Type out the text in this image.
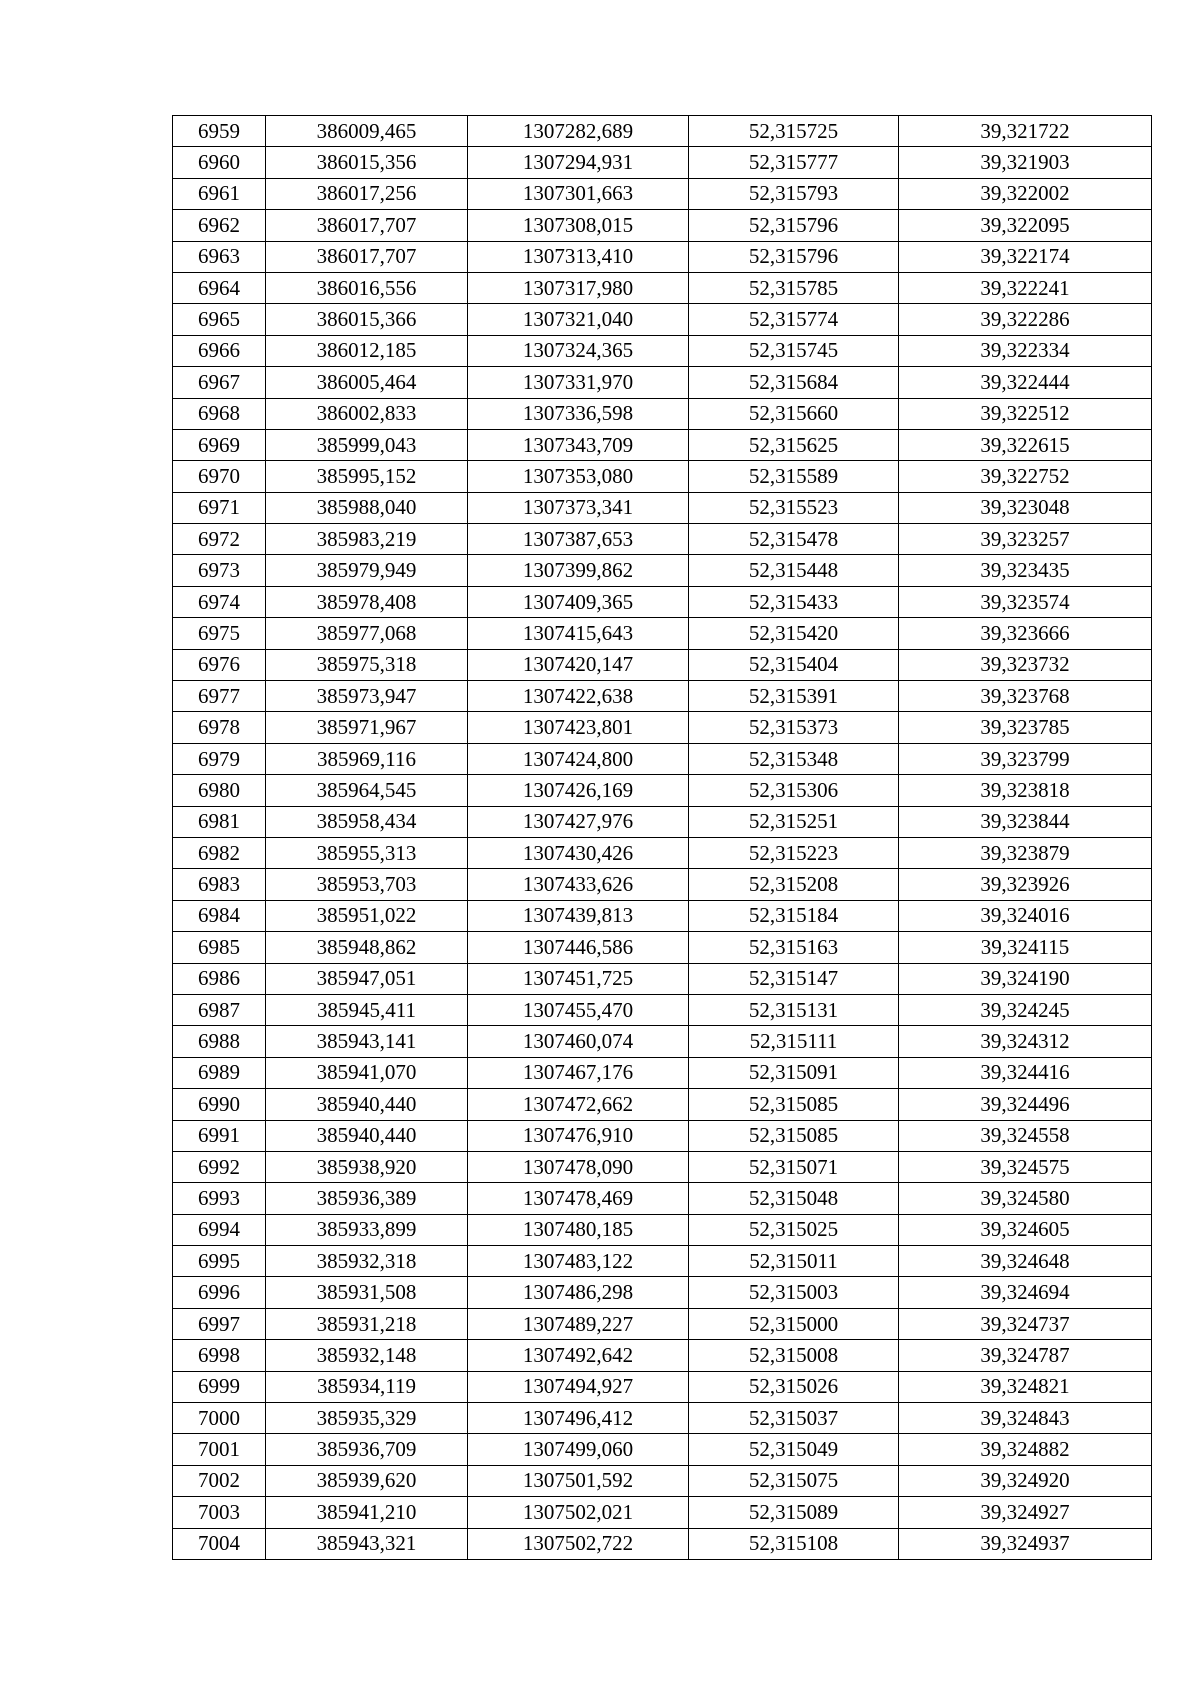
6959	386009,465	1307282,689	52,315725	39,321722
6960	386015,356	1307294,931	52,315777	39,321903
6961	386017,256	1307301,663	52,315793	39,322002
6962	386017,707	1307308,015	52,315796	39,322095
6963	386017,707	1307313,410	52,315796	39,322174
6964	386016,556	1307317,980	52,315785	39,322241
6965	386015,366	1307321,040	52,315774	39,322286
6966	386012,185	1307324,365	52,315745	39,322334
6967	386005,464	1307331,970	52,315684	39,322444
6968	386002,833	1307336,598	52,315660	39,322512
6969	385999,043	1307343,709	52,315625	39,322615
6970	385995,152	1307353,080	52,315589	39,322752
6971	385988,040	1307373,341	52,315523	39,323048
6972	385983,219	1307387,653	52,315478	39,323257
6973	385979,949	1307399,862	52,315448	39,323435
6974	385978,408	1307409,365	52,315433	39,323574
6975	385977,068	1307415,643	52,315420	39,323666
6976	385975,318	1307420,147	52,315404	39,323732
6977	385973,947	1307422,638	52,315391	39,323768
6978	385971,967	1307423,801	52,315373	39,323785
6979	385969,116	1307424,800	52,315348	39,323799
6980	385964,545	1307426,169	52,315306	39,323818
6981	385958,434	1307427,976	52,315251	39,323844
6982	385955,313	1307430,426	52,315223	39,323879
6983	385953,703	1307433,626	52,315208	39,323926
6984	385951,022	1307439,813	52,315184	39,324016
6985	385948,862	1307446,586	52,315163	39,324115
6986	385947,051	1307451,725	52,315147	39,324190
6987	385945,411	1307455,470	52,315131	39,324245
6988	385943,141	1307460,074	52,315111	39,324312
6989	385941,070	1307467,176	52,315091	39,324416
6990	385940,440	1307472,662	52,315085	39,324496
6991	385940,440	1307476,910	52,315085	39,324558
6992	385938,920	1307478,090	52,315071	39,324575
6993	385936,389	1307478,469	52,315048	39,324580
6994	385933,899	1307480,185	52,315025	39,324605
6995	385932,318	1307483,122	52,315011	39,324648
6996	385931,508	1307486,298	52,315003	39,324694
6997	385931,218	1307489,227	52,315000	39,324737
6998	385932,148	1307492,642	52,315008	39,324787
6999	385934,119	1307494,927	52,315026	39,324821
7000	385935,329	1307496,412	52,315037	39,324843
7001	385936,709	1307499,060	52,315049	39,324882
7002	385939,620	1307501,592	52,315075	39,324920
7003	385941,210	1307502,021	52,315089	39,324927
7004	385943,321	1307502,722	52,315108	39,324937
